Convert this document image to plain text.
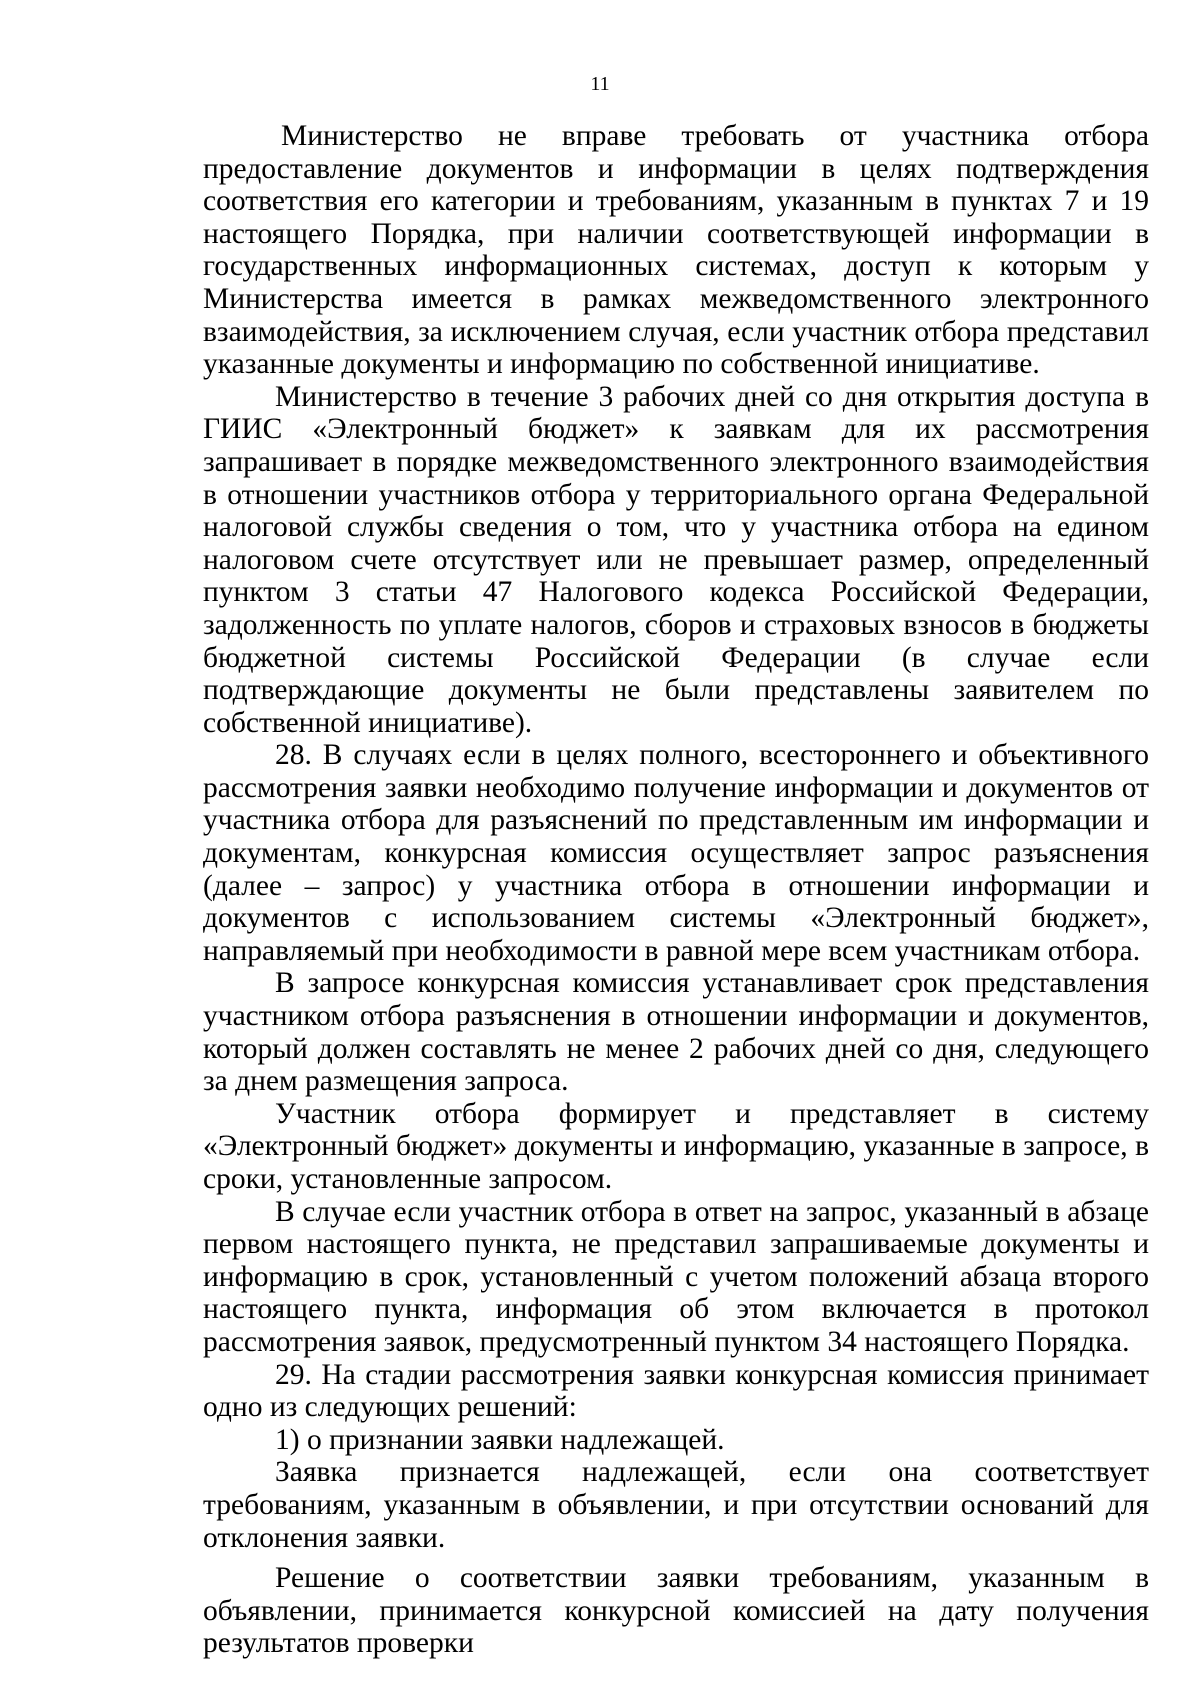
11

Министерство не вправе требовать от участника отбора предоставление документов и информации в целях подтверждения соответствия его категории и требованиям, указанным в пунктах 7 и 19 настоящего Порядка, при наличии соответствующей информации в государственных информационных системах, доступ к которым у Министерства имеется в рамках межведомственного электронного взаимодействия, за исключением случая, если участник отбора представил указанные документы и информацию по собственной инициативе.

Министерство в течение 3 рабочих дней со дня открытия доступа в ГИИС «Электронный бюджет» к заявкам для их рассмотрения запрашивает в порядке межведомственного электронного взаимодействия в отношении участников отбора у территориального органа Федеральной налоговой службы сведения о том, что у участника отбора на едином налоговом счете отсутствует или не превышает размер, определенный пунктом 3 статьи 47 Налогового кодекса Российской Федерации, задолженность по уплате налогов, сборов и страховых взносов в бюджеты бюджетной системы Российской Федерации (в случае если подтверждающие документы не были представлены заявителем по собственной инициативе).

28. В случаях если в целях полного, всестороннего и объективного рассмотрения заявки необходимо получение информации и документов от участника отбора для разъяснений по представленным им информации и документам, конкурсная комиссия осуществляет запрос разъяснения (далее – запрос) у участника отбора в отношении информации и документов с использованием системы «Электронный бюджет», направляемый при необходимости в равной мере всем участникам отбора.

В запросе конкурсная комиссия устанавливает срок представления участником отбора разъяснения в отношении информации и документов, который должен составлять не менее 2 рабочих дней со дня, следующего за днем размещения запроса.

Участник отбора формирует и представляет в систему «Электронный бюджет» документы и информацию, указанные в запросе, в сроки, установленные запросом.

В случае если участник отбора в ответ на запрос, указанный в абзаце первом настоящего пункта, не представил запрашиваемые документы и информацию в срок, установленный с учетом положений абзаца второго настоящего пункта, информация об этом включается в протокол рассмотрения заявок, предусмотренный пунктом 34 настоящего Порядка.

29. На стадии рассмотрения заявки конкурсная комиссия принимает одно из следующих решений:

1) о признании заявки надлежащей.

Заявка признается надлежащей, если она соответствует требованиям, указанным в объявлении, и при отсутствии оснований для отклонения заявки.

Решение о соответствии заявки требованиям, указанным в объявлении, принимается конкурсной комиссией на дату получения результатов проверки
